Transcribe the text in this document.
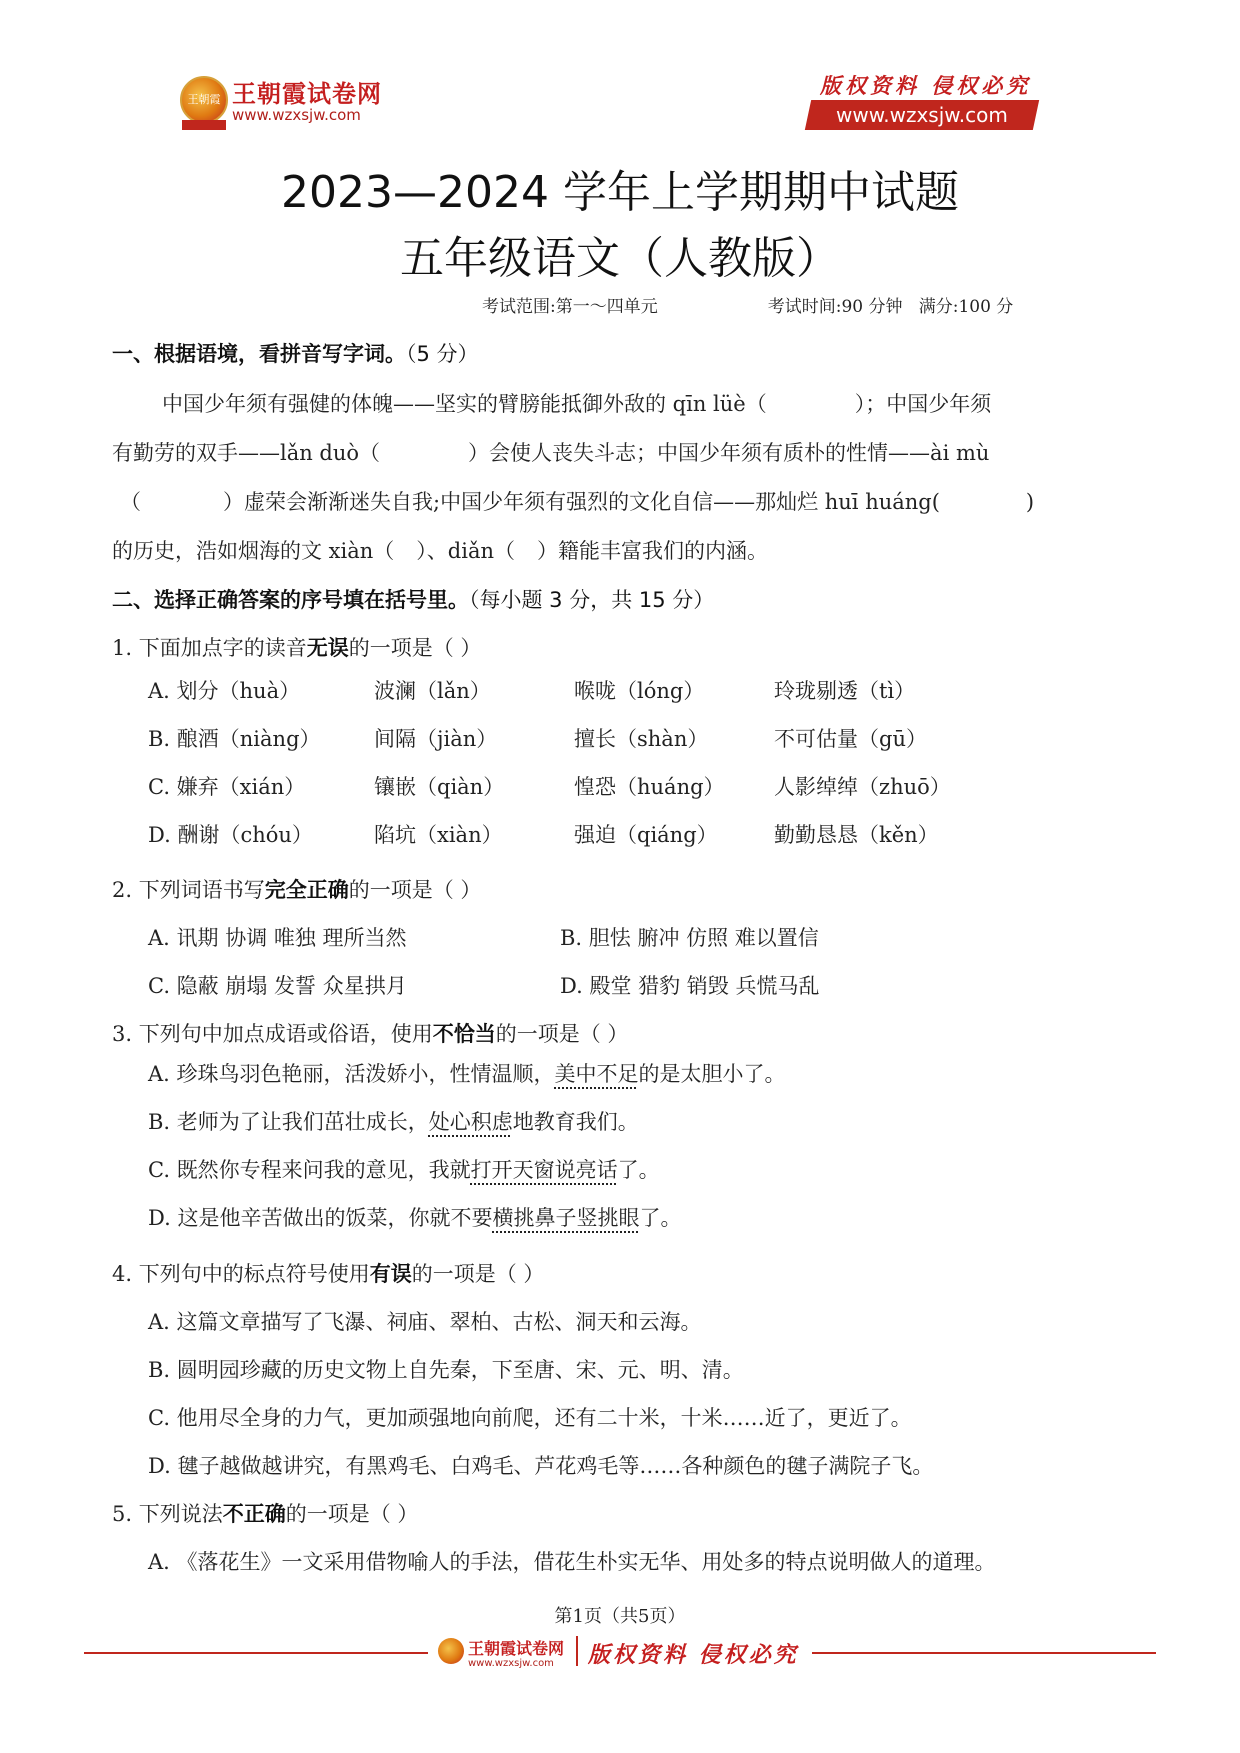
王朝霞 王朝霞试卷网
www.wzxsjw.com
版权资料 侵权必究
www.wzxsjw.com
2023—2024 学年上学期期中试题
五年级语文（人教版）
考试范围:第一～四单元	考试时间:90 分钟 满分:100 分
一、根据语境，看拼音写字词。（5 分）
中国少年须有强健的体魄——坚实的臂膀能抵御外敌的 qīn lüè（	）；中国少年须
有勤劳的双手——lǎn duò（	）会使人丧失斗志；中国少年须有质朴的性情——ài mù
（	）虚荣会渐渐迷失自我;中国少年须有强烈的文化自信——那灿烂 huī huáng(	)
的历史，浩如烟海的文 xiàn（ ）、diǎn（ ）籍能丰富我们的内涵。
二、选择正确答案的序号填在括号里。（每小题 3 分，共 15 分）
1. 下面加点字的读音无误的一项是（ ）
A. 划分（huà）	波澜（lǎn）	喉咙（lóng）	玲珑剔透（tì）
B. 酿酒（niàng）	间隔（jiàn）	擅长（shàn）	不可估量（gū）
C. 嫌弃（xián）	镶嵌（qiàn）	惶恐（huáng） 人影绰绰（zhuō）
D. 酬谢（chóu）	陷坑（xiàn）	强迫（qiáng）	勤勤恳恳（kěn）
2. 下列词语书写完全正确的一项是（ ）
A. 讯期 协调 唯独 理所当然	B. 胆怯 腑冲 仿照 难以置信
C. 隐蔽 崩塌 发誓 众星拱月	D. 殿堂 猎豹 销毁 兵慌马乱
3. 下列句中加点成语或俗语，使用不恰当的一项是（ ）
A. 珍珠鸟羽色艳丽，活泼娇小，性情温顺，美中不足的是太胆小了。
B. 老师为了让我们茁壮成长，处心积虑地教育我们。
C. 既然你专程来问我的意见，我就打开天窗说亮话了。
D. 这是他辛苦做出的饭菜，你就不要横挑鼻子竖挑眼了。
4. 下列句中的标点符号使用有误的一项是（ ）
A. 这篇文章描写了飞瀑、祠庙、翠柏、古松、洞天和云海。
B. 圆明园珍藏的历史文物上自先秦，下至唐、宋、元、明、清。
C. 他用尽全身的力气，更加顽强地向前爬，还有二十米，十米……近了，更近了。
D. 毽子越做越讲究，有黑鸡毛、白鸡毛、芦花鸡毛等……各种颜色的毽子满院子飞。
5. 下列说法不正确的一项是（ ）
A. 《落花生》一文采用借物喻人的手法，借花生朴实无华、用处多的特点说明做人的道理。
第1页（共5页）
王朝霞试卷网
www.wzxsjw.com 版权资料 侵权必究
